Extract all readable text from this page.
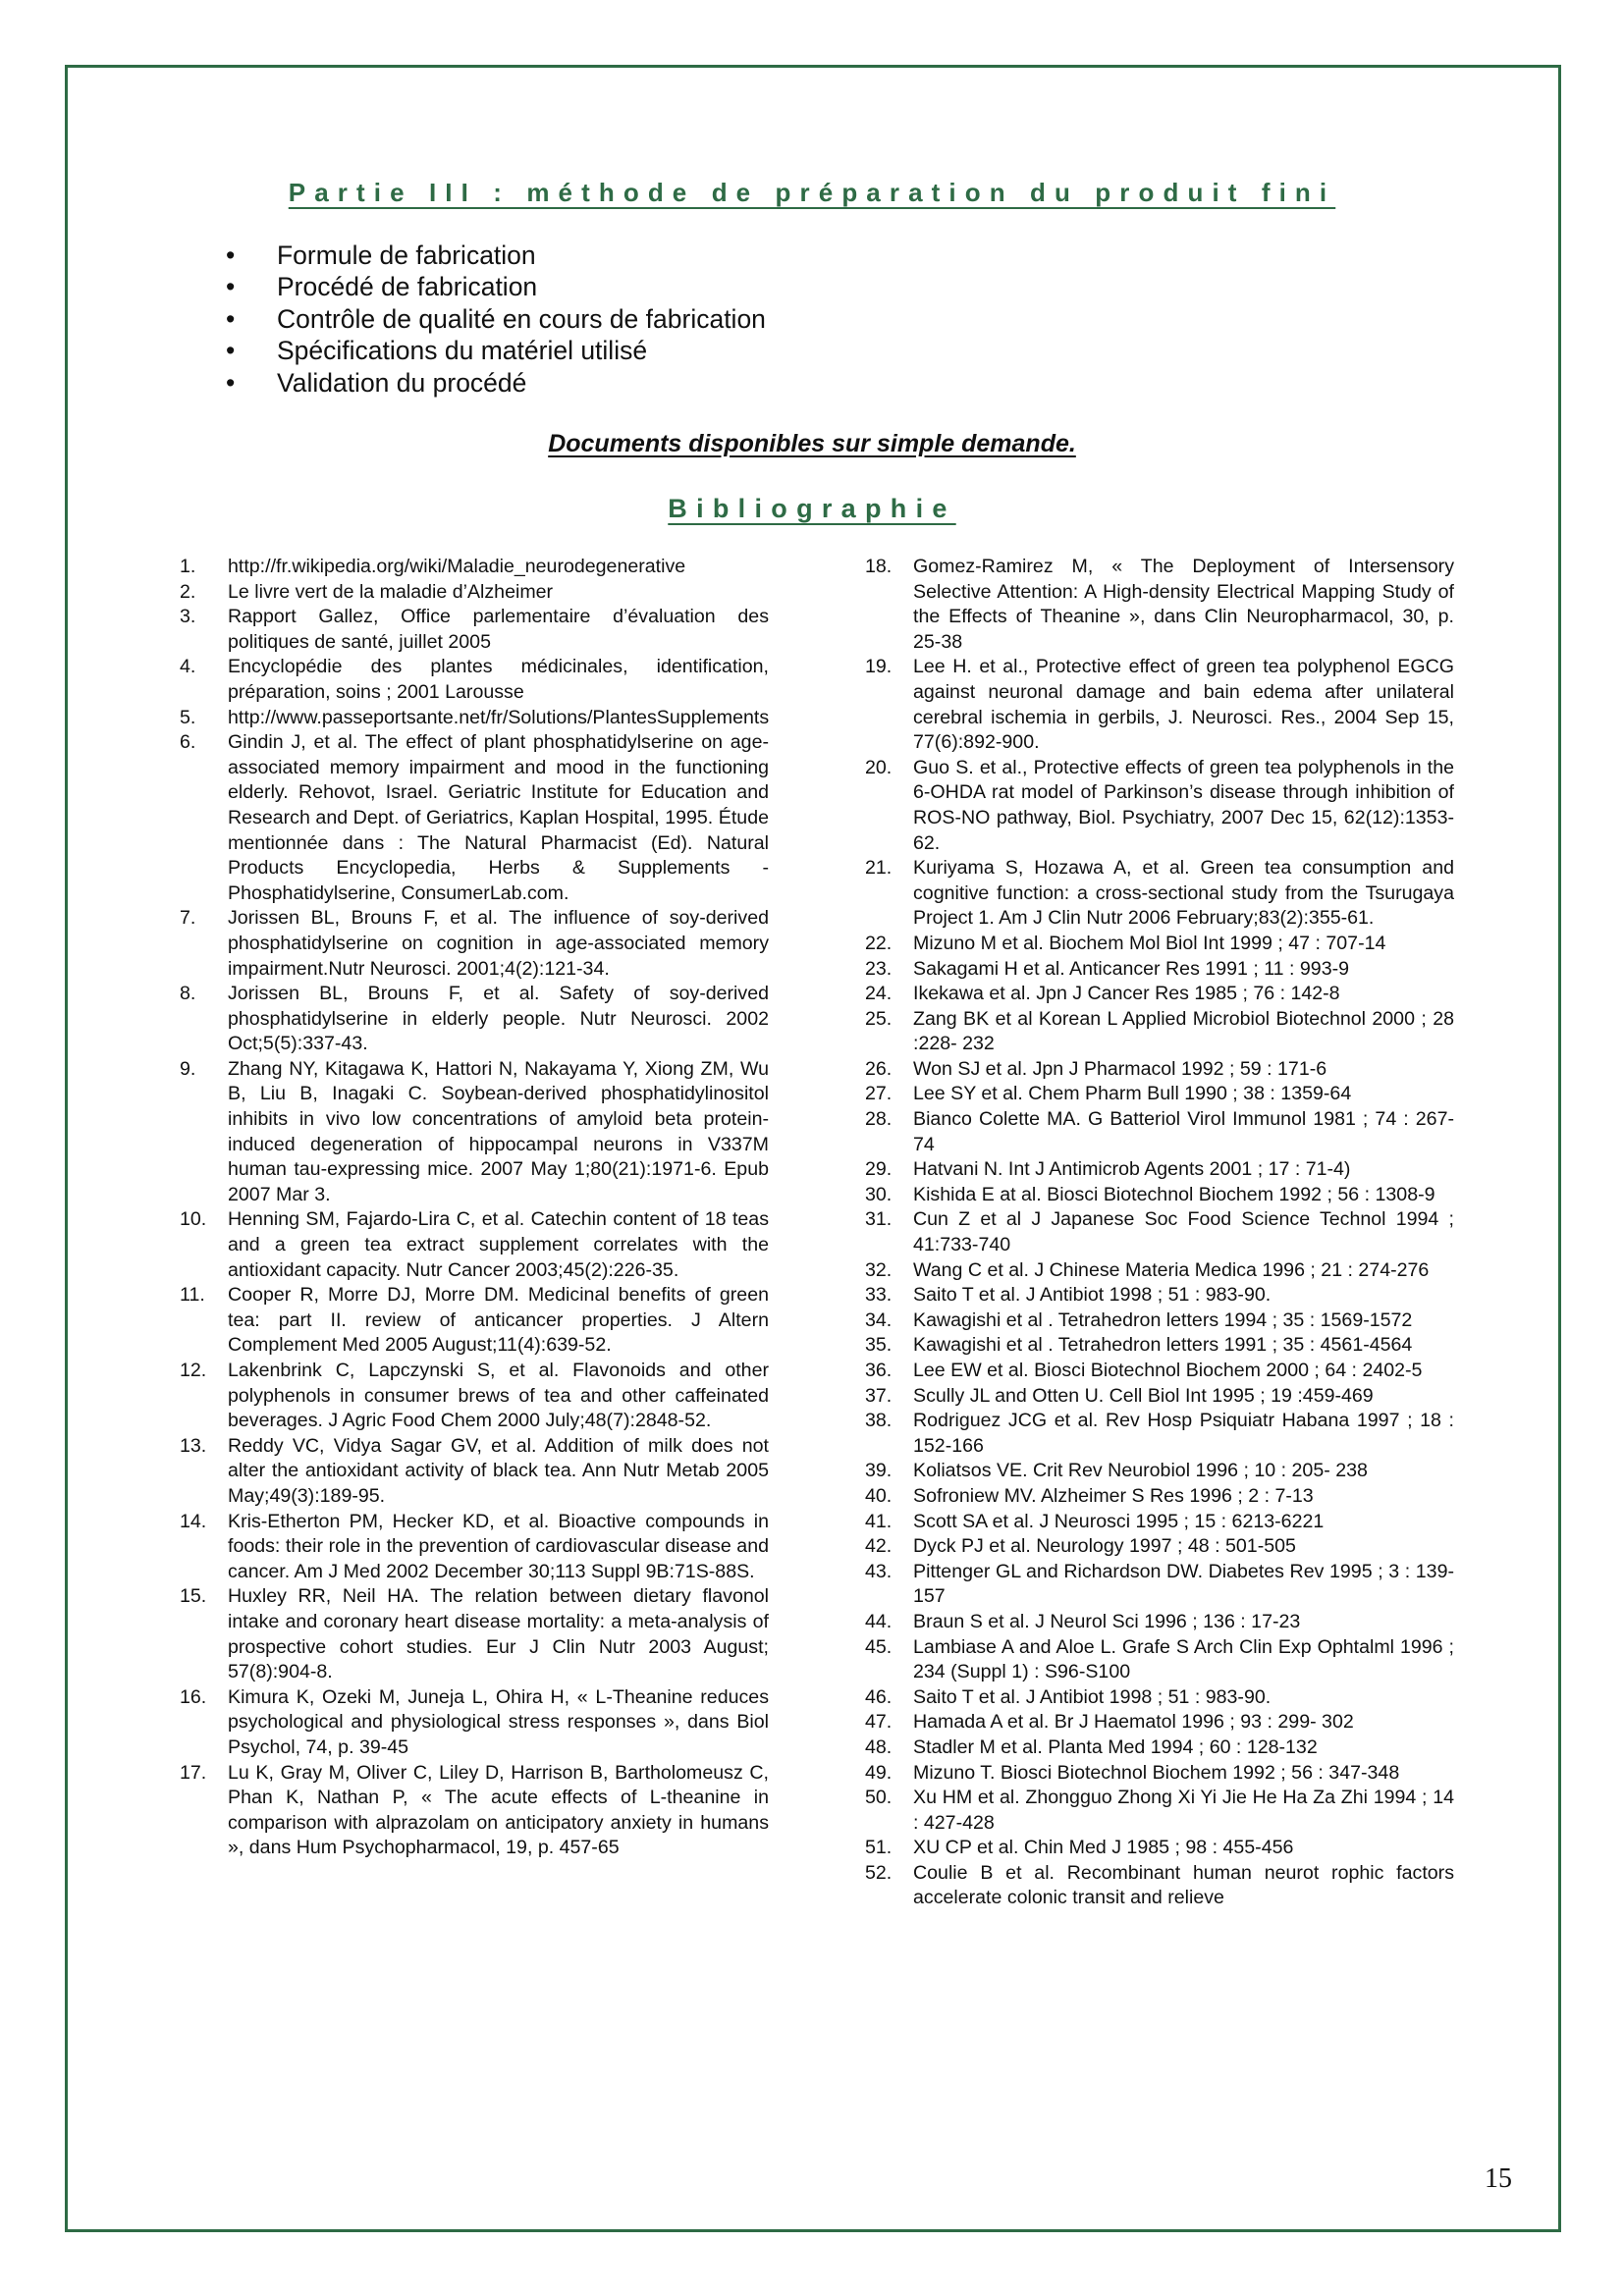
Partie III : méthode de préparation du produit fini
• Formule de fabrication
• Procédé de fabrication
• Contrôle de qualité en cours de fabrication
• Spécifications du matériel utilisé
• Validation du procédé
Documents disponibles sur simple demande.
Bibliographie
1. http://fr.wikipedia.org/wiki/Maladie_neurodegenerative
2. Le livre vert de la maladie d’Alzheimer
3. Rapport Gallez, Office parlementaire d’évaluation des politiques de santé, juillet 2005
4. Encyclopédie des plantes médicinales, identification, préparation, soins ; 2001 Larousse
5. http://www.passeportsante.net/fr/Solutions/PlantesSupplements
6. Gindin J, et al. The effect of plant phosphatidylserine on age-associated memory impairment and mood in the functioning elderly. Rehovot, Israel. Geriatric Institute for Education and Research and Dept. of Geriatrics, Kaplan Hospital, 1995. Étude mentionnée dans : The Natural Pharmacist (Ed). Natural Products Encyclopedia, Herbs & Supplements - Phosphatidylserine, ConsumerLab.com.
7. Jorissen BL, Brouns F, et al. The influence of soy-derived phosphatidylserine on cognition in age-associated memory impairment.Nutr Neurosci. 2001;4(2):121-34.
8. Jorissen BL, Brouns F, et al. Safety of soy-derived phosphatidylserine in elderly people. Nutr Neurosci. 2002 Oct;5(5):337-43.
9. Zhang NY, Kitagawa K, Hattori N, Nakayama Y, Xiong ZM, Wu B, Liu B, Inagaki C. Soybean-derived phosphatidylinositol inhibits in vivo low concentrations of amyloid beta protein-induced degeneration of hippocampal neurons in V337M human tau-expressing mice. 2007 May 1;80(21):1971-6. Epub 2007 Mar 3.
10. Henning SM, Fajardo-Lira C, et al. Catechin content of 18 teas and a green tea extract supplement correlates with the antioxidant capacity. Nutr Cancer 2003;45(2):226-35.
11. Cooper R, Morre DJ, Morre DM. Medicinal benefits of green tea: part II. review of anticancer properties. J Altern Complement Med 2005 August;11(4):639-52.
12. Lakenbrink C, Lapczynski S, et al. Flavonoids and other polyphenols in consumer brews of tea and other caffeinated beverages. J Agric Food Chem 2000 July;48(7):2848-52.
13. Reddy VC, Vidya Sagar GV, et al. Addition of milk does not alter the antioxidant activity of black tea. Ann Nutr Metab 2005 May;49(3):189-95.
14. Kris-Etherton PM, Hecker KD, et al. Bioactive compounds in foods: their role in the prevention of cardiovascular disease and cancer. Am J Med 2002 December 30;113 Suppl 9B:71S-88S.
15. Huxley RR, Neil HA. The relation between dietary flavonol intake and coronary heart disease mortality: a meta-analysis of prospective cohort studies. Eur J Clin Nutr 2003 August; 57(8):904-8.
16. Kimura K, Ozeki M, Juneja L, Ohira H, « L-Theanine reduces psychological and physiological stress responses », dans Biol Psychol, 74, p. 39-45
17. Lu K, Gray M, Oliver C, Liley D, Harrison B, Bartholomeusz C, Phan K, Nathan P, « The acute effects of L-theanine in comparison with alprazolam on anticipatory anxiety in humans », dans Hum Psychopharmacol, 19, p. 457-65
18. Gomez-Ramirez M, « The Deployment of Intersensory Selective Attention: A High-density Electrical Mapping Study of the Effects of Theanine », dans Clin Neuropharmacol, 30, p. 25-38
19. Lee H. et al., Protective effect of green tea polyphenol EGCG against neuronal damage and bain edema after unilateral cerebral ischemia in gerbils, J. Neurosci. Res., 2004 Sep 15, 77(6):892-900.
20. Guo S. et al., Protective effects of green tea polyphenols in the 6-OHDA rat model of Parkinson’s disease through inhibition of ROS-NO pathway, Biol. Psychiatry, 2007 Dec 15, 62(12):1353-62.
21. Kuriyama S, Hozawa A, et al. Green tea consumption and cognitive function: a cross-sectional study from the Tsurugaya Project 1. Am J Clin Nutr 2006 February;83(2):355-61.
22. Mizuno M et al. Biochem Mol Biol Int 1999 ; 47 : 707-14
23. Sakagami H et al. Anticancer Res 1991 ; 11 : 993-9
24. Ikekawa et al. Jpn J Cancer Res 1985 ; 76 : 142-8
25. Zang BK et al Korean L Applied Microbiol Biotechnol 2000 ; 28 :228- 232
26. Won SJ et al. Jpn J Pharmacol 1992 ; 59 : 171-6
27. Lee SY et al. Chem Pharm Bull 1990 ; 38 : 1359-64
28. Bianco Colette MA. G Batteriol Virol Immunol 1981 ; 74 : 267-74
29. Hatvani N. Int J Antimicrob Agents 2001 ; 17 : 71-4)
30. Kishida E at al. Biosci Biotechnol Biochem 1992 ; 56 : 1308-9
31. Cun Z et al J Japanese Soc Food Science Technol 1994 ; 41:733-740
32. Wang C et al. J Chinese Materia Medica 1996 ; 21 : 274-276
33. Saito T et al. J Antibiot 1998 ; 51 : 983-90.
34. Kawagishi et al . Tetrahedron letters 1994 ; 35 : 1569-1572
35. Kawagishi et al . Tetrahedron letters 1991 ; 35 : 4561-4564
36. Lee EW et al. Biosci Biotechnol Biochem 2000 ; 64 : 2402-5
37. Scully JL and Otten U. Cell Biol Int 1995 ; 19 :459-469
38. Rodriguez JCG et al. Rev Hosp Psiquiatr Habana 1997 ; 18 : 152-166
39. Koliatsos VE. Crit Rev Neurobiol 1996 ; 10 : 205- 238
40. Sofroniew MV. Alzheimer S Res 1996 ; 2 : 7-13
41. Scott SA et al. J Neurosci 1995 ; 15 : 6213-6221
42. Dyck PJ et al. Neurology 1997 ; 48 : 501-505
43. Pittenger GL and Richardson DW. Diabetes Rev 1995 ; 3 : 139-157
44. Braun S et al. J Neurol Sci 1996 ; 136 : 17-23
45. Lambiase A and Aloe L. Grafe S Arch Clin Exp Ophtalml 1996 ; 234 (Suppl 1) : S96-S100
46. Saito T et al. J Antibiot 1998 ; 51 : 983-90.
47. Hamada A et al. Br J Haematol 1996 ; 93 : 299- 302
48. Stadler M et al. Planta Med 1994 ; 60 : 128-132
49. Mizuno T. Biosci Biotechnol Biochem 1992 ; 56 : 347-348
50. Xu HM et al. Zhongguo Zhong Xi Yi Jie He Ha Za Zhi 1994 ; 14 : 427-428
51. XU CP et al. Chin Med J 1985 ; 98 : 455-456
52. Coulie B et al. Recombinant human neurot rophic factors accelerate colonic transit and relieve
15
